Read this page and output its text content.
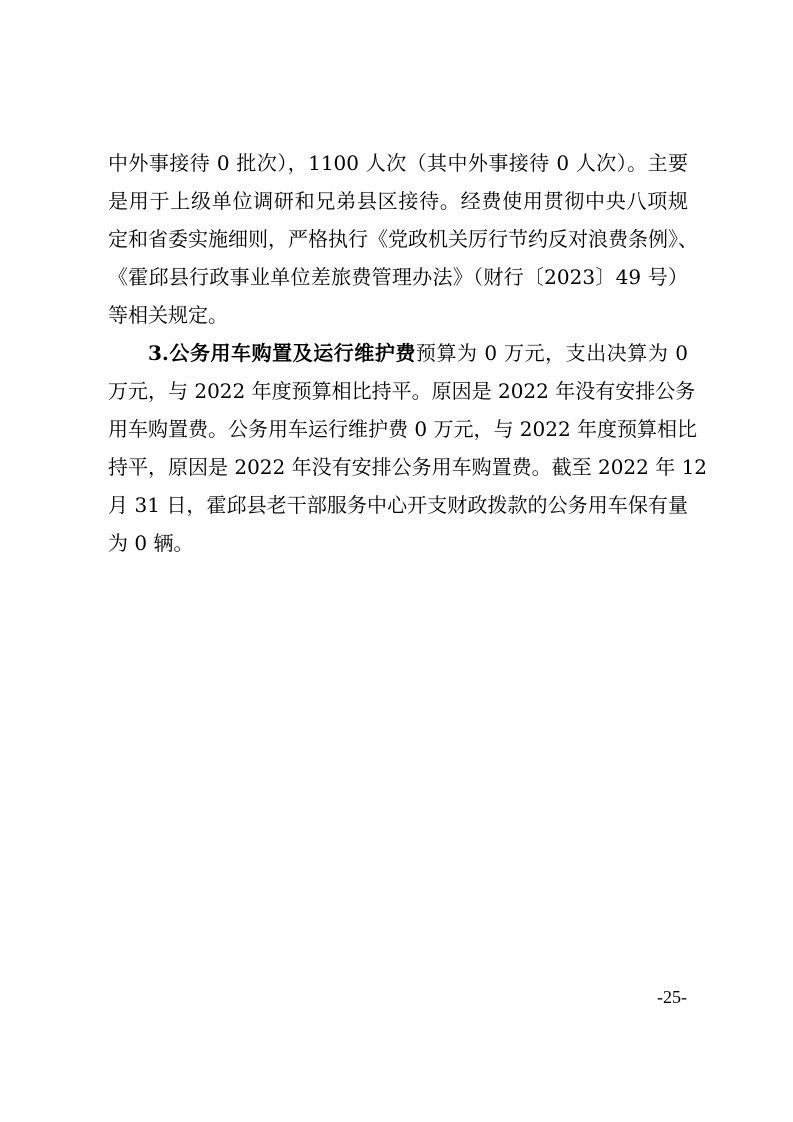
中外事接待 0 批次），1100 人次（其中外事接待 0 人次）。主要
是用于上级单位调研和兄弟县区接待。经费使用贯彻中央八项规
定和省委实施细则，严格执行《党政机关厉行节约反对浪费条例》、
《霍邱县行政事业单位差旅费管理办法》（财行〔2023〕49 号）
等相关规定。
3.公务用车购置及运行维护费预算为 0 万元，支出决算为 0
万元，与 2022 年度预算相比持平。原因是 2022 年没有安排公务
用车购置费。公务用车运行维护费 0 万元，与 2022 年度预算相比
持平，原因是 2022 年没有安排公务用车购置费。截至 2022 年 12
月 31 日，霍邱县老干部服务中心开支财政拨款的公务用车保有量
为 0 辆。
-25-
